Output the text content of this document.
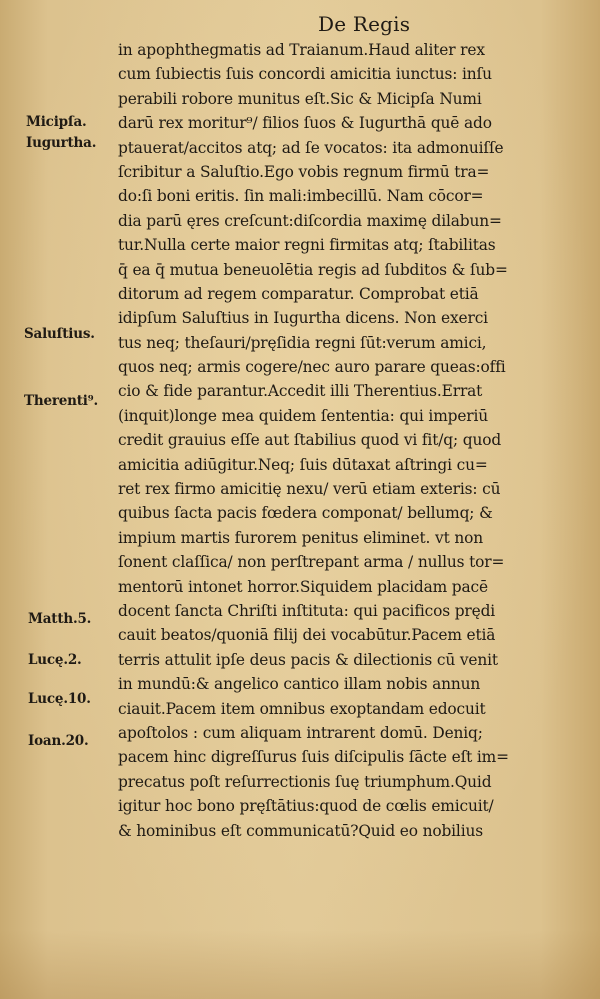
De Regis
Micipſa.
Iugurtha.
Saluſtius.
Therenti⁹.
Matth.5.
Lucę.2.
Lucę.10.
Ioan.20.
in apophthegmatis ad Traianum.Haud aliter rex
cum ſubiectis ſuis concordi amicitia iunctus: inſu
perabili robore munitus eſt.Sic & Micipſa Numi
darū rex moritur⁹/ filios ſuos & Iugurthā quē ado
ptauerat/accitos atq; ad ſe vocatos: ita admonuiſſe
ſcribitur a Saluſtio.Ego vobis regnum firmū tra=
do:ſi boni eritis. ſin mali:imbecillū. Nam cōcor=
dia parū ęres creſcunt:diſcordia maximę dilabun=
tur.Nulla certe maior regni firmitas atq; ſtabilitas
q̄ ea q̄ mutua beneuolētia regis ad ſubditos & ſub=
ditorum ad regem comparatur. Comprobat etiā
idipſum Saluſtius in Iugurtha dicens. Non exerci
tus neq; theſauri/pręſidia regni ſūt:verum amici,
quos neq; armis cogere/nec auro parare queas:offi
cio & fide parantur.Accedit illi Therentius.Errat
(inquit)longe mea quidem ſententia: qui imperiū
credit grauius eſſe aut ſtabilius quod vi fit/q; quod
amicitia adiūgitur.Neq; ſuis dūtaxat aſtringi cu=
ret rex firmo amicitię nexu/ verū etiam exteris: cū
quibus ſacta pacis fœdera componat/ bellumq; &
impium martis furorem penitus eliminet. vt non
ſonent claſſica/ non perſtrepant arma / nullus tor=
mentorū intonet horror.Siquidem placidam pacē
docent ſancta Chriſti inſtituta: qui pacificos prędi
cauit beatos/quoniā filij dei vocabūtur.Pacem etiā
terris attulit ipſe deus pacis & dilectionis cū venit
in mundū:& angelico cantico illam nobis annun
ciauit.Pacem item omnibus exoptandam edocuit
apoſtolos : cum aliquam intrarent domū. Deniq;
pacem hinc digreſſurus ſuis diſcipulis ſācte eſt im=
precatus poſt reſurrectionis ſuę triumphum.Quid
igitur hoc bono pręſtātius:quod de cœlis emicuit/
& hominibus eſt communicatū?Quid eo nobilius
